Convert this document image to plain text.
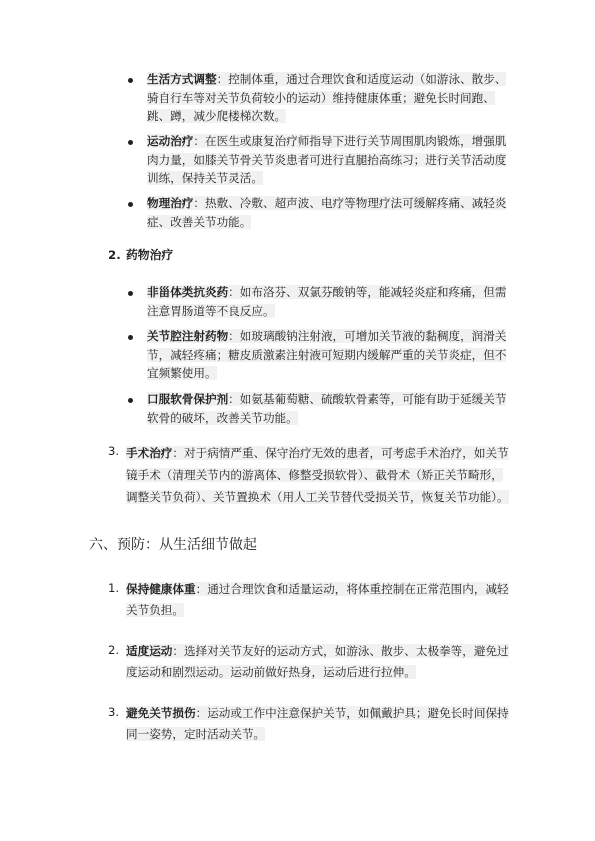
生活方式调整：控制体重，通过合理饮食和适度运动（如游泳、散步、骑自行车等对关节负荷较小的运动）维持健康体重；避免长时间跑、跳、蹲，减少爬楼梯次数。
运动治疗：在医生或康复治疗师指导下进行关节周围肌肉锻炼，增强肌肉力量，如膝关节骨关节炎患者可进行直腿抬高练习；进行关节活动度训练，保持关节灵活。
物理治疗：热敷、冷敷、超声波、电疗等物理疗法可缓解疼痛、减轻炎症、改善关节功能。
2. 药物治疗
非甾体类抗炎药：如布洛芬、双氯芬酸钠等，能减轻炎症和疼痛，但需注意胃肠道等不良反应。
关节腔注射药物：如玻璃酸钠注射液，可增加关节液的黏稠度，润滑关节，减轻疼痛；糖皮质激素注射液可短期内缓解严重的关节炎症，但不宜频繁使用。
口服软骨保护剂：如氨基葡萄糖、硫酸软骨素等，可能有助于延缓关节软骨的破坏，改善关节功能。
3. 手术治疗：对于病情严重、保守治疗无效的患者，可考虑手术治疗，如关节镜手术（清理关节内的游离体、修整受损软骨）、截骨术（矫正关节畸形，调整关节负荷）、关节置换术（用人工关节替代受损关节，恢复关节功能）。
六、预防：从生活细节做起
1. 保持健康体重：通过合理饮食和适量运动，将体重控制在正常范围内，减轻关节负担。
2. 适度运动：选择对关节友好的运动方式，如游泳、散步、太极拳等，避免过度运动和剧烈运动。运动前做好热身，运动后进行拉伸。
3. 避免关节损伤：运动或工作中注意保护关节，如佩戴护具；避免长时间保持同一姿势，定时活动关节。
